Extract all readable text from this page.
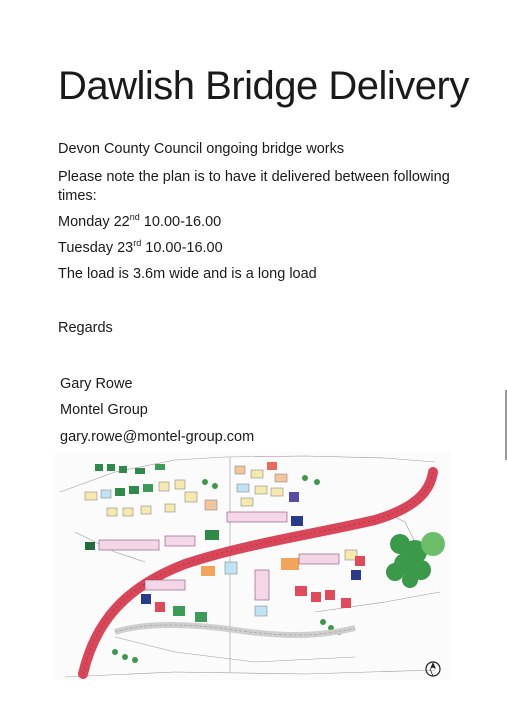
Dawlish Bridge Delivery
Devon County Council ongoing bridge works
Please note the plan is to have it delivered between following
times:
Monday 22nd 10.00-16.00
Tuesday 23rd 10.00-16.00
The load is 3.6m wide and is a long load
Regards
Gary Rowe
Montel Group
gary.rowe@montel-group.com
